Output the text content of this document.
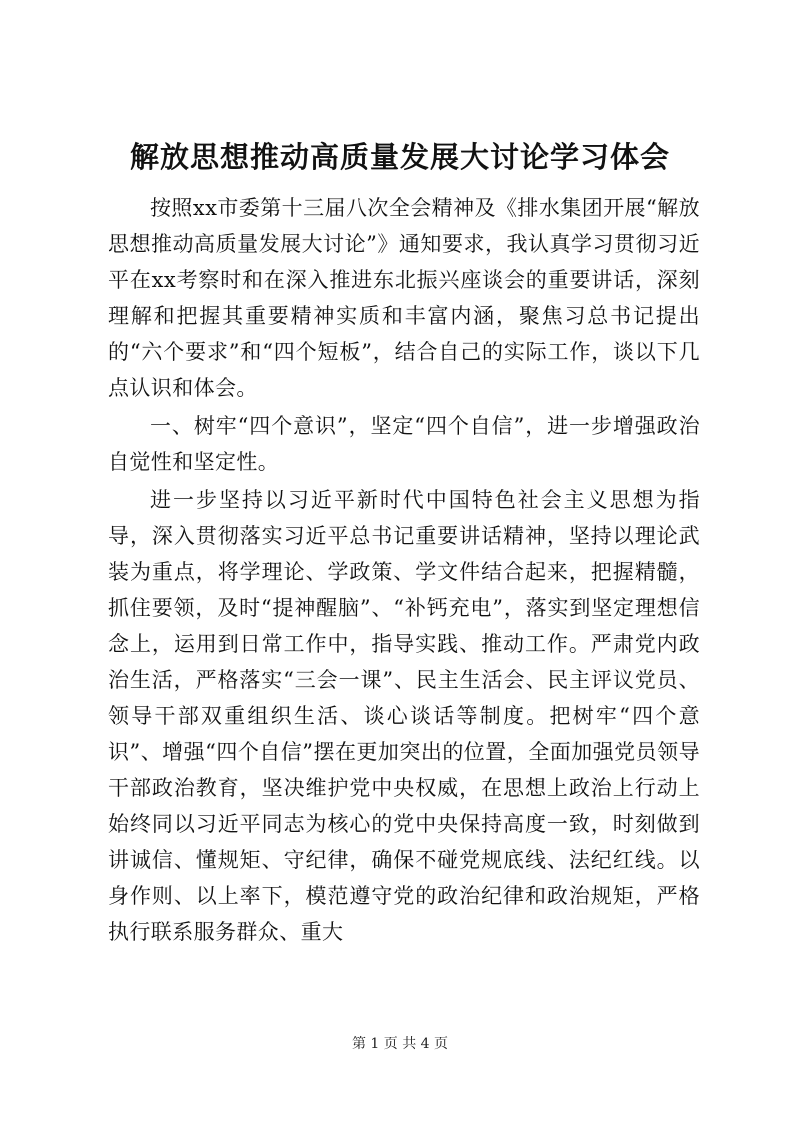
解放思想推动高质量发展大讨论学习体会

按照xx市委第十三届八次全会精神及《排水集团开展“解放思想推动高质量发展大讨论”》通知要求，我认真学习贯彻习近平在xx考察时和在深入推进东北振兴座谈会的重要讲话，深刻理解和把握其重要精神实质和丰富内涵，聚焦习总书记提出的“六个要求”和“四个短板”，结合自己的实际工作，谈以下几点认识和体会。

一、树牢“四个意识”，坚定“四个自信”，进一步增强政治自觉性和坚定性。

进一步坚持以习近平新时代中国特色社会主义思想为指导，深入贯彻落实习近平总书记重要讲话精神，坚持以理论武装为重点，将学理论、学政策、学文件结合起来，把握精髓，抓住要领，及时“提神醒脑”、“补钙充电”，落实到坚定理想信念上，运用到日常工作中，指导实践、推动工作。严肃党内政治生活，严格落实“三会一课”、民主生活会、民主评议党员、领导干部双重组织生活、谈心谈话等制度。把树牢“四个意识”、增强“四个自信”摆在更加突出的位置，全面加强党员领导干部政治教育，坚决维护党中央权威，在思想上政治上行动上始终同以习近平同志为核心的党中央保持高度一致，时刻做到讲诚信、懂规矩、守纪律，确保不碰党规底线、法纪红线。以身作则、以上率下，模范遵守党的政治纪律和政治规矩，严格执行联系服务群众、重大

第 1 页 共 4 页
